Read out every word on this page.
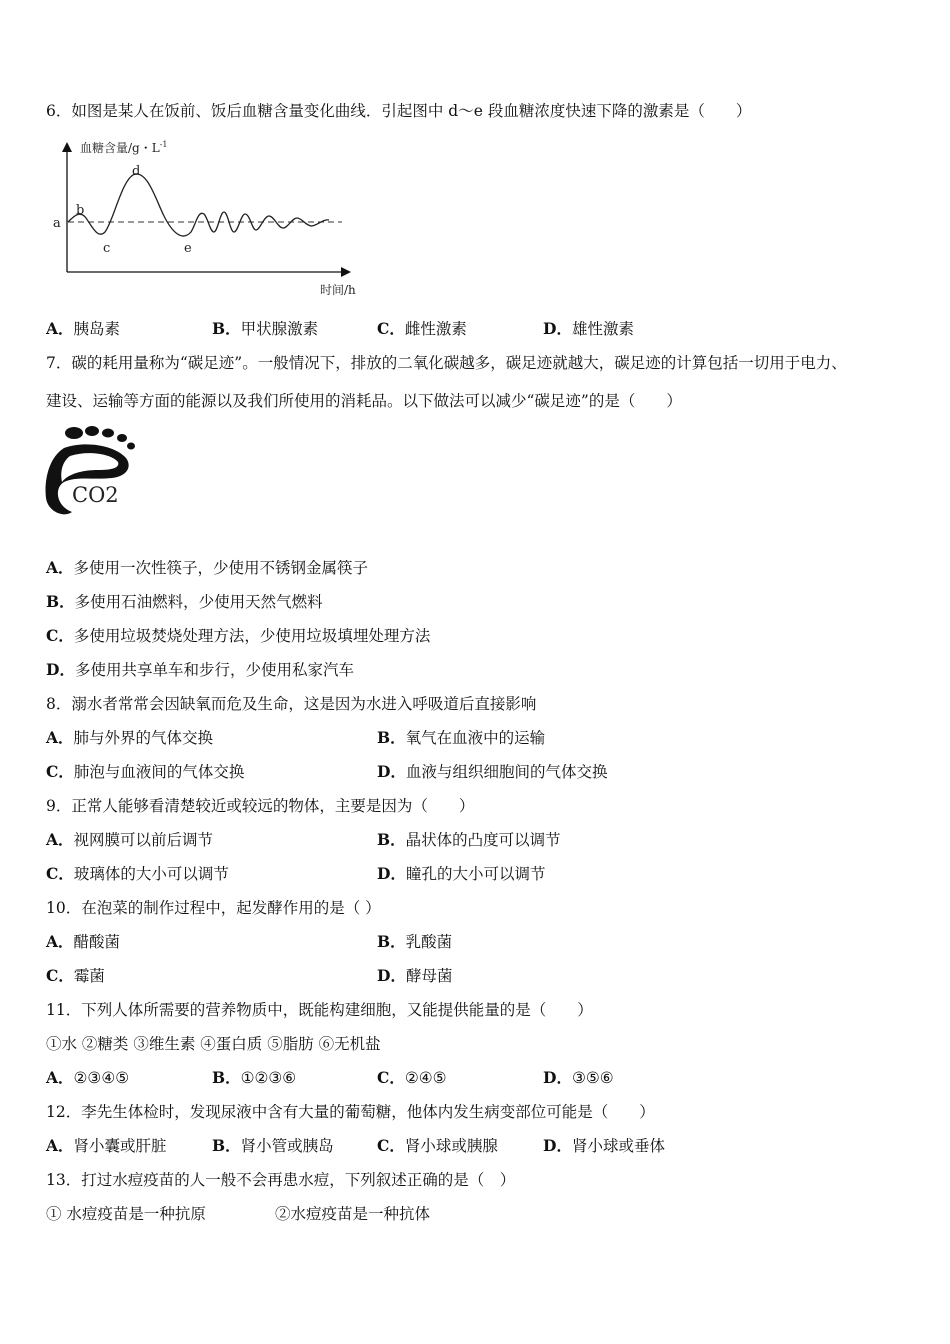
6．如图是某人在饭前、饭后血糖含量变化曲线．引起图中 d～e 段血糖浓度快速下降的激素是（　　）
血糖含量/g・$L^{-1}$
时间/h
a
b
c
d
e
A．胰岛素	B．甲状腺激素	C．雌性激素	D．雄性激素
7．碳的耗用量称为“碳足迹”。一般情况下，排放的二氧化碳越多，碳足迹就越大，碳足迹的计算包括一切用于电力、
建设、运输等方面的能源以及我们所使用的消耗品。以下做法可以减少“碳足迹”的是（　　）
CO2
A．多使用一次性筷子，少使用不锈钢金属筷子
B．多使用石油燃料，少使用天然气燃料
C．多使用垃圾焚烧处理方法，少使用垃圾填埋处理方法
D．多使用共享单车和步行，少使用私家汽车
8．溺水者常常会因缺氧而危及生命，这是因为水进入呼吸道后直接影响
A．肺与外界的气体交换	B．氧气在血液中的运输
C．肺泡与血液间的气体交换	D．血液与组织细胞间的气体交换
9．正常人能够看清楚较近或较远的物体，主要是因为（　　）
A．视网膜可以前后调节	B．晶状体的凸度可以调节
C．玻璃体的大小可以调节	D．瞳孔的大小可以调节
10．在泡菜的制作过程中，起发酵作用的是（ ）
A．醋酸菌	B．乳酸菌
C．霉菌	D．酵母菌
11．下列人体所需要的营养物质中，既能构建细胞，又能提供能量的是（　　）
①水 ②糖类 ③维生素 ④蛋白质 ⑤脂肪 ⑥无机盐
A．②③④⑤	B．①②③⑥	C．②④⑤	D．③⑤⑥
12．李先生体检时，发现尿液中含有大量的葡萄糖，他体内发生病变部位可能是（　　）
A．肾小囊或肝脏	B．肾小管或胰岛	C．肾小球或胰腺	D．肾小球或垂体
13．打过水痘疫苗的人一般不会再患水痘，下列叙述正确的是（　）
① 水痘疫苗是一种抗原	②水痘疫苗是一种抗体
